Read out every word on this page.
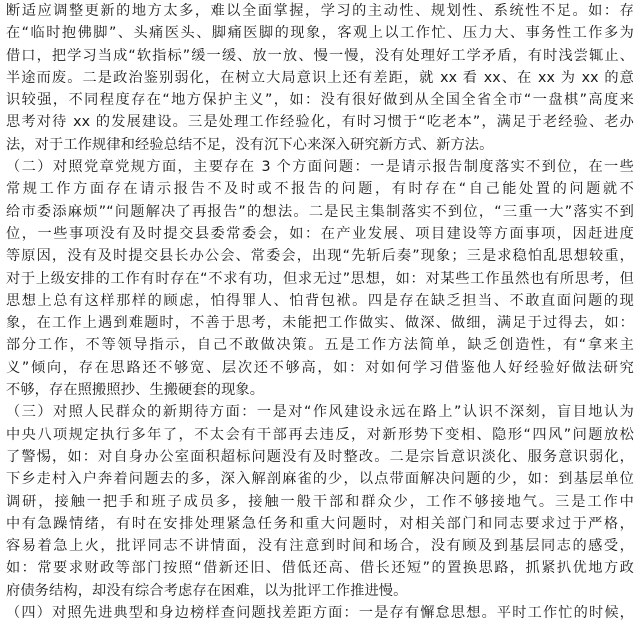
断适应调整更新的地方太多，难以全面掌握，学习的主动性、规划性、系统性不足。如：存
在“临时抱佛脚”、头痛医头、脚痛医脚的现象，客观上以工作忙、压力大、事务性工作多为
借口，把学习当成“软指标”缓一缓、放一放、慢一慢，没有处理好工学矛盾，有时浅尝辄止、
半途而废。二是政治鉴别弱化，在树立大局意识上还有差距，就 xx 看 xx、在 xx 为 xx 的意
识较强，不同程度存在“地方保护主义”，如：没有很好做到从全国全省全市“一盘棋”高度来
思考对待 xx 的发展建设。三是处理工作经验化，有时习惯于“吃老本”，满足于老经验、老办
法，对于工作规律和经验总结不足，没有沉下心来深入研究新方式、新方法。
（二）对照党章党规方面，主要存在 3 个方面问题：一是请示报告制度落实不到位，在一些
常规工作方面存在请示报告不及时或不报告的问题，有时存在“自己能处置的问题就不
给市委添麻烦”“问题解决了再报告”的想法。二是民主集制落实不到位，“三重一大”落实不到
位，一些事项没有及时提交县委常委会，如：在产业发展、项目建设等方面事项，因赶进度
等原因，没有及时提交县长办公会、常委会，出现“先斩后奏”现象；三是求稳怕乱思想较重，
对于上级安排的工作有时存在“不求有功，但求无过”思想，如：对某些工作虽然也有所思考，但
思想上总有这样那样的顾虑，怕得罪人、怕背包袱。四是存在缺乏担当、不敢直面问题的现
象，在工作上遇到难题时，不善于思考，未能把工作做实、做深、做细，满足于过得去，如：
部分工作，不等领导指示，自己不敢做决策。五是工作方法简单，缺乏创造性，有“拿来主
义”倾向，存在思路还不够宽、层次还不够高，如：对如何学习借鉴他人好经验好做法研究
不够，存在照搬照抄、生搬硬套的现象。
（三）对照人民群众的新期待方面：一是对“作风建设永远在路上”认识不深刻，盲目地认为
中央八项规定执行多年了，不太会有干部再去违反，对新形势下变相、隐形“四风”问题放松
了警惕，如：对自身办公室面积超标问题没有及时整改。二是宗旨意识淡化、服务意识弱化，
下乡走村入户奔着问题去的多，深入解剖麻雀的少，以点带面解决问题的少，如：到基层单位
调研，接触一把手和班子成员多，接触一般干部和群众少，工作不够接地气。三是工作中
中有急躁情绪，有时在安排处理紧急任务和重大问题时，对相关部门和同志要求过于严格，
容易着急上火，批评同志不讲情面，没有注意到时间和场合，没有顾及到基层同志的感受，
如：常要求财政等部门按照“借新还旧、借低还高、借长还短”的置换思路，抓紧扒优地方政
府债务结构，却没有综合考虑存在困难，以为批评工作推进慢。
（四）对照先进典型和身边榜样查问题找差距方面：一是存有懈怠思想。平时工作忙的时候，
